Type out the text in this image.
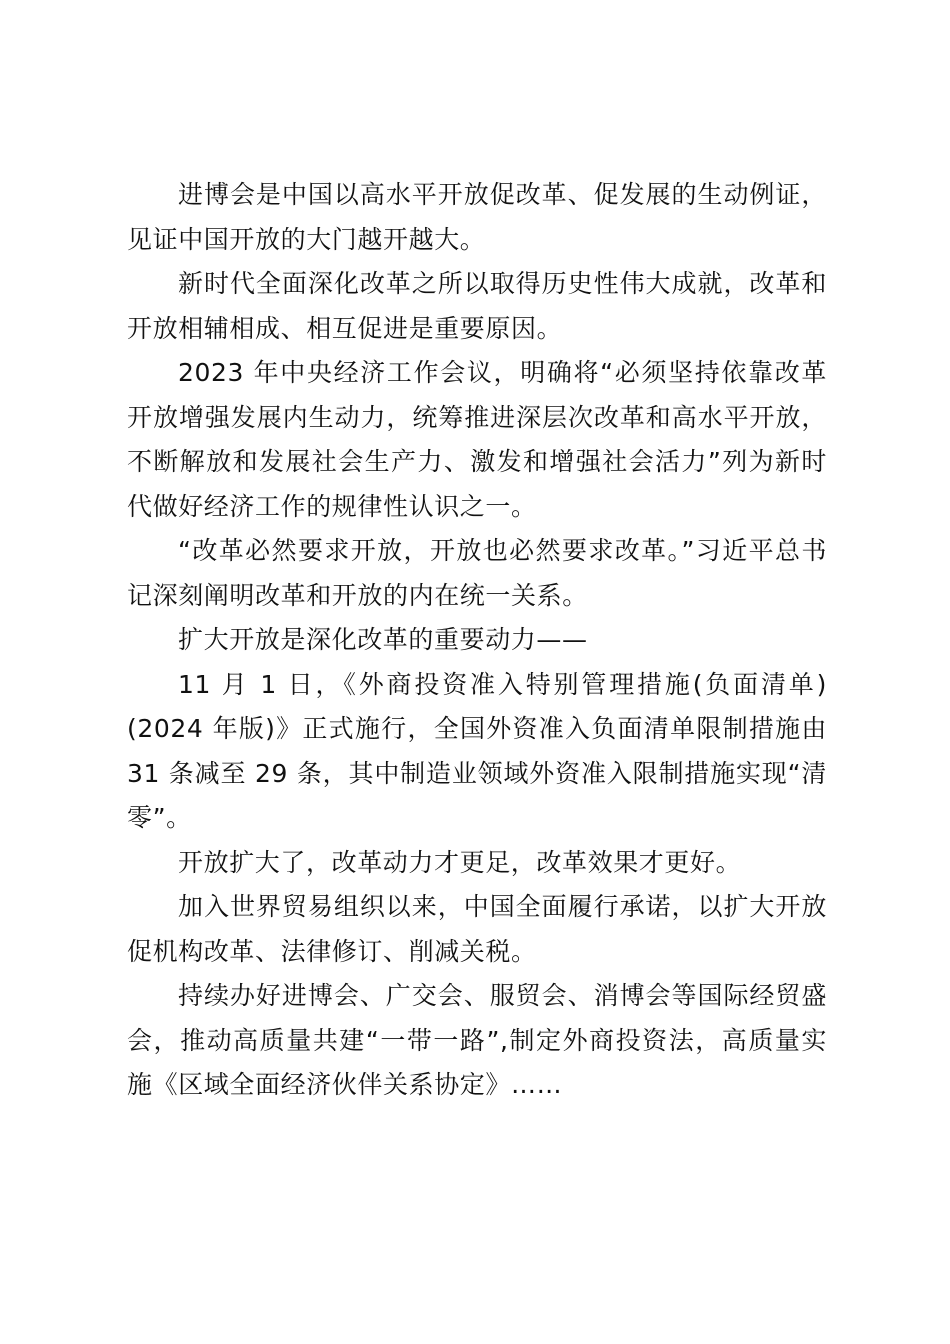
进博会是中国以高水平开放促改革、促发展的生动例证，见证中国开放的大门越开越大。

新时代全面深化改革之所以取得历史性伟大成就，改革和开放相辅相成、相互促进是重要原因。

2023 年中央经济工作会议，明确将“必须坚持依靠改革开放增强发展内生动力，统筹推进深层次改革和高水平开放，不断解放和发展社会生产力、激发和增强社会活力”列为新时代做好经济工作的规律性认识之一。

“改革必然要求开放，开放也必然要求改革。”习近平总书记深刻阐明改革和开放的内在统一关系。

扩大开放是深化改革的重要动力——

11 月 1 日，《外商投资准入特别管理措施(负面清单)(2024 年版)》正式施行，全国外资准入负面清单限制措施由 31 条减至 29 条，其中制造业领域外资准入限制措施实现“清零”。

开放扩大了，改革动力才更足，改革效果才更好。

加入世界贸易组织以来，中国全面履行承诺，以扩大开放促机构改革、法律修订、削减关税。

持续办好进博会、广交会、服贸会、消博会等国际经贸盛会，推动高质量共建“一带一路”,制定外商投资法，高质量实施《区域全面经济伙伴关系协定》……
